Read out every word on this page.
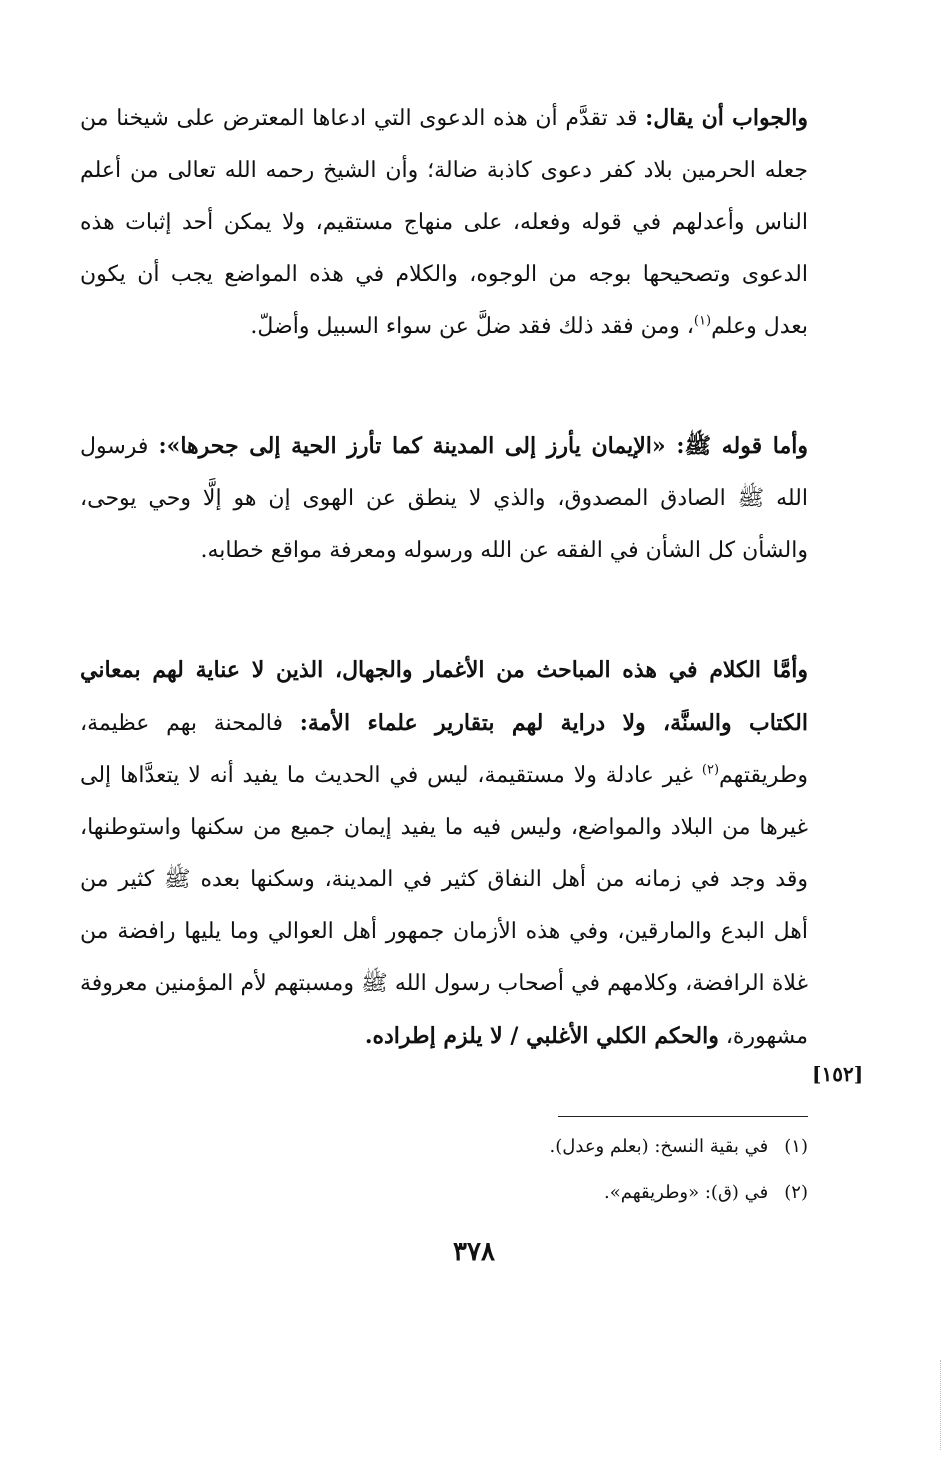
والجواب أن يقال: قد تقدَّم أن هذه الدعوى التي ادعاها المعترض على شيخنا من جعله الحرمين بلاد كفر دعوى كاذبة ضالة؛ وأن الشيخ رحمه الله تعالى من أعلم الناس وأعدلهم في قوله وفعله، على منهاج مستقيم، ولا يمكن أحد إثبات هذه الدعوى وتصحيحها بوجه من الوجوه، والكلام في هذه المواضع يجب أن يكون بعدل وعلم$^{(١)}$، ومن فقد ذلك فقد ضلَّ عن سواء السبيل وأضلّ.
وأما قوله ﷺ: «الإيمان يأرز إلى المدينة كما تأرز الحية إلى جحرها»: فرسول الله ﷺ الصادق المصدوق، والذي لا ينطق عن الهوى إن هو إلَّا وحي يوحى، والشأن كل الشأن في الفقه عن الله ورسوله ومعرفة مواقع خطابه.
وأمَّا الكلام في هذه المباحث من الأغمار والجهال، الذين لا عناية لهم بمعاني الكتاب والسنَّة، ولا دراية لهم بتقارير علماء الأمة: فالمحنة بهم عظيمة، وطريقتهم$^{(٢)}$ غير عادلة ولا مستقيمة، ليس في الحديث ما يفيد أنه لا يتعدَّاها إلى غيرها من البلاد والمواضع، وليس فيه ما يفيد إيمان جميع من سكنها واستوطنها، وقد وجد في زمانه من أهل النفاق كثير في المدينة، وسكنها بعده ﷺ كثير من أهل البدع والمارقين، وفي هذه الأزمان جمهور أهل العوالي وما يليها رافضة من غلاة الرافضة، وكلامهم في أصحاب رسول الله ﷺ ومسبتهم لأم المؤمنين معروفة مشهورة، والحكم الكلي الأغلبي / لا يلزم إطراده.
[١٥٢]
(١)في بقية النسخ: (بعلم وعدل).
(٢)في (ق): «وطريقهم».
٣٧٨
